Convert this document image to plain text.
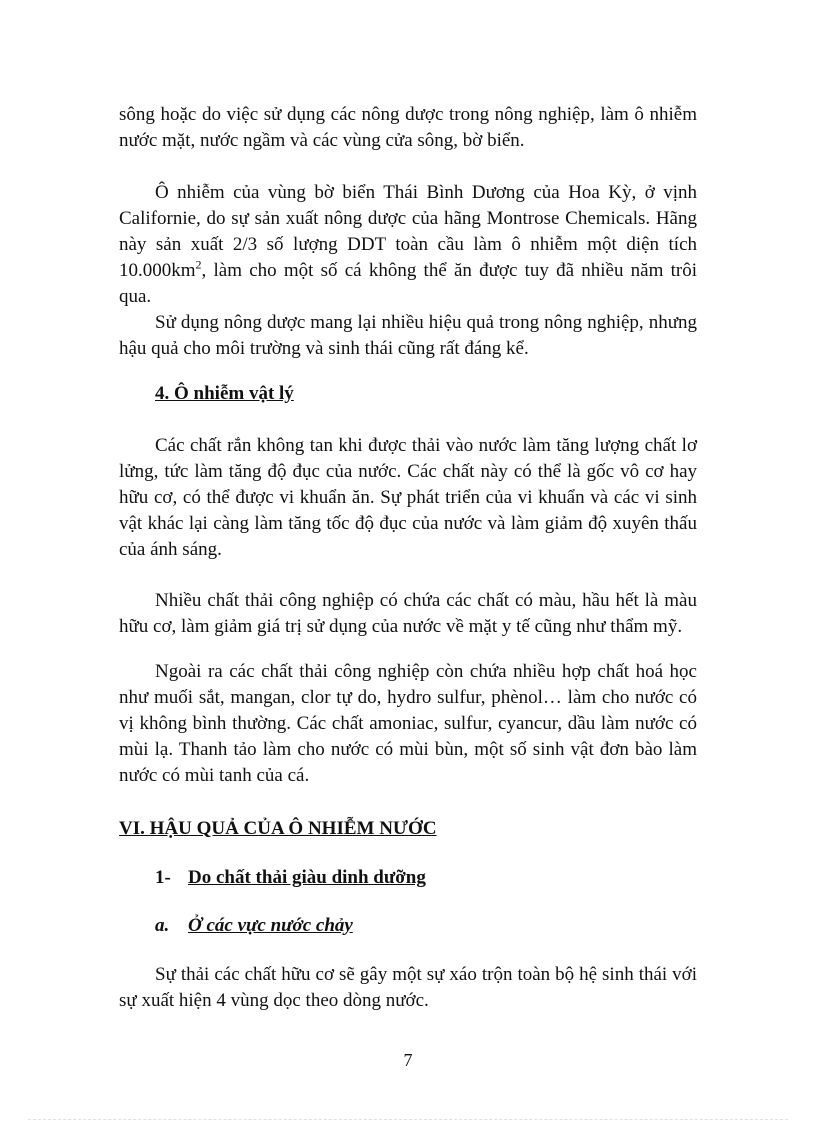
sông hoặc do việc sử dụng các nông dược trong nông nghiệp, làm ô nhiễm nước mặt, nước ngầm và các vùng cửa sông, bờ biển.

Ô nhiễm của vùng bờ biển Thái Bình Dương của Hoa Kỳ, ở vịnh Californie, do sự sản xuất nông dược của hãng Montrose Chemicals. Hãng này sản xuất 2/3 số lượng DDT toàn cầu làm ô nhiễm một diện tích $10.000km^2$, làm cho một số cá không thể ăn được tuy đã nhiều năm trôi qua.

Sử dụng nông dược mang lại nhiều hiệu quả trong nông nghiệp, nhưng hậu quả cho môi trường và sinh thái cũng rất đáng kể.

4. Ô nhiễm vật lý

Các chất rắn không tan khi được thải vào nước làm tăng lượng chất lơ lửng, tức làm tăng độ đục của nước. Các chất này có thể là gốc vô cơ hay hữu cơ, có thể được vi khuẩn ăn. Sự phát triển của vi khuẩn và các vi sinh vật khác lại càng làm tăng tốc độ đục của nước và làm giảm độ xuyên thấu của ánh sáng.

Nhiều chất thải công nghiệp có chứa các chất có màu, hầu hết là màu hữu cơ, làm giảm giá trị sử dụng của nước về mặt y tế cũng như thẩm mỹ.

Ngoài ra các chất thải công nghiệp còn chứa nhiều hợp chất hoá học như muối sắt, mangan, clor tự do, hydro sulfur, phènol… làm cho nước có vị không bình thường. Các chất amoniac, sulfur, cyancur, dầu làm nước có mùi lạ. Thanh tảo làm cho nước có mùi bùn, một số sinh vật đơn bào làm nước có mùi tanh của cá.

VI. HẬU QUẢ CỦA Ô NHIỄM NƯỚC

1- Do chất thải giàu dinh dưỡng

a. Ở các vực nước chảy

Sự thải các chất hữu cơ sẽ gây một sự xáo trộn toàn bộ hệ sinh thái với sự xuất hiện 4 vùng dọc theo dòng nước.

7
